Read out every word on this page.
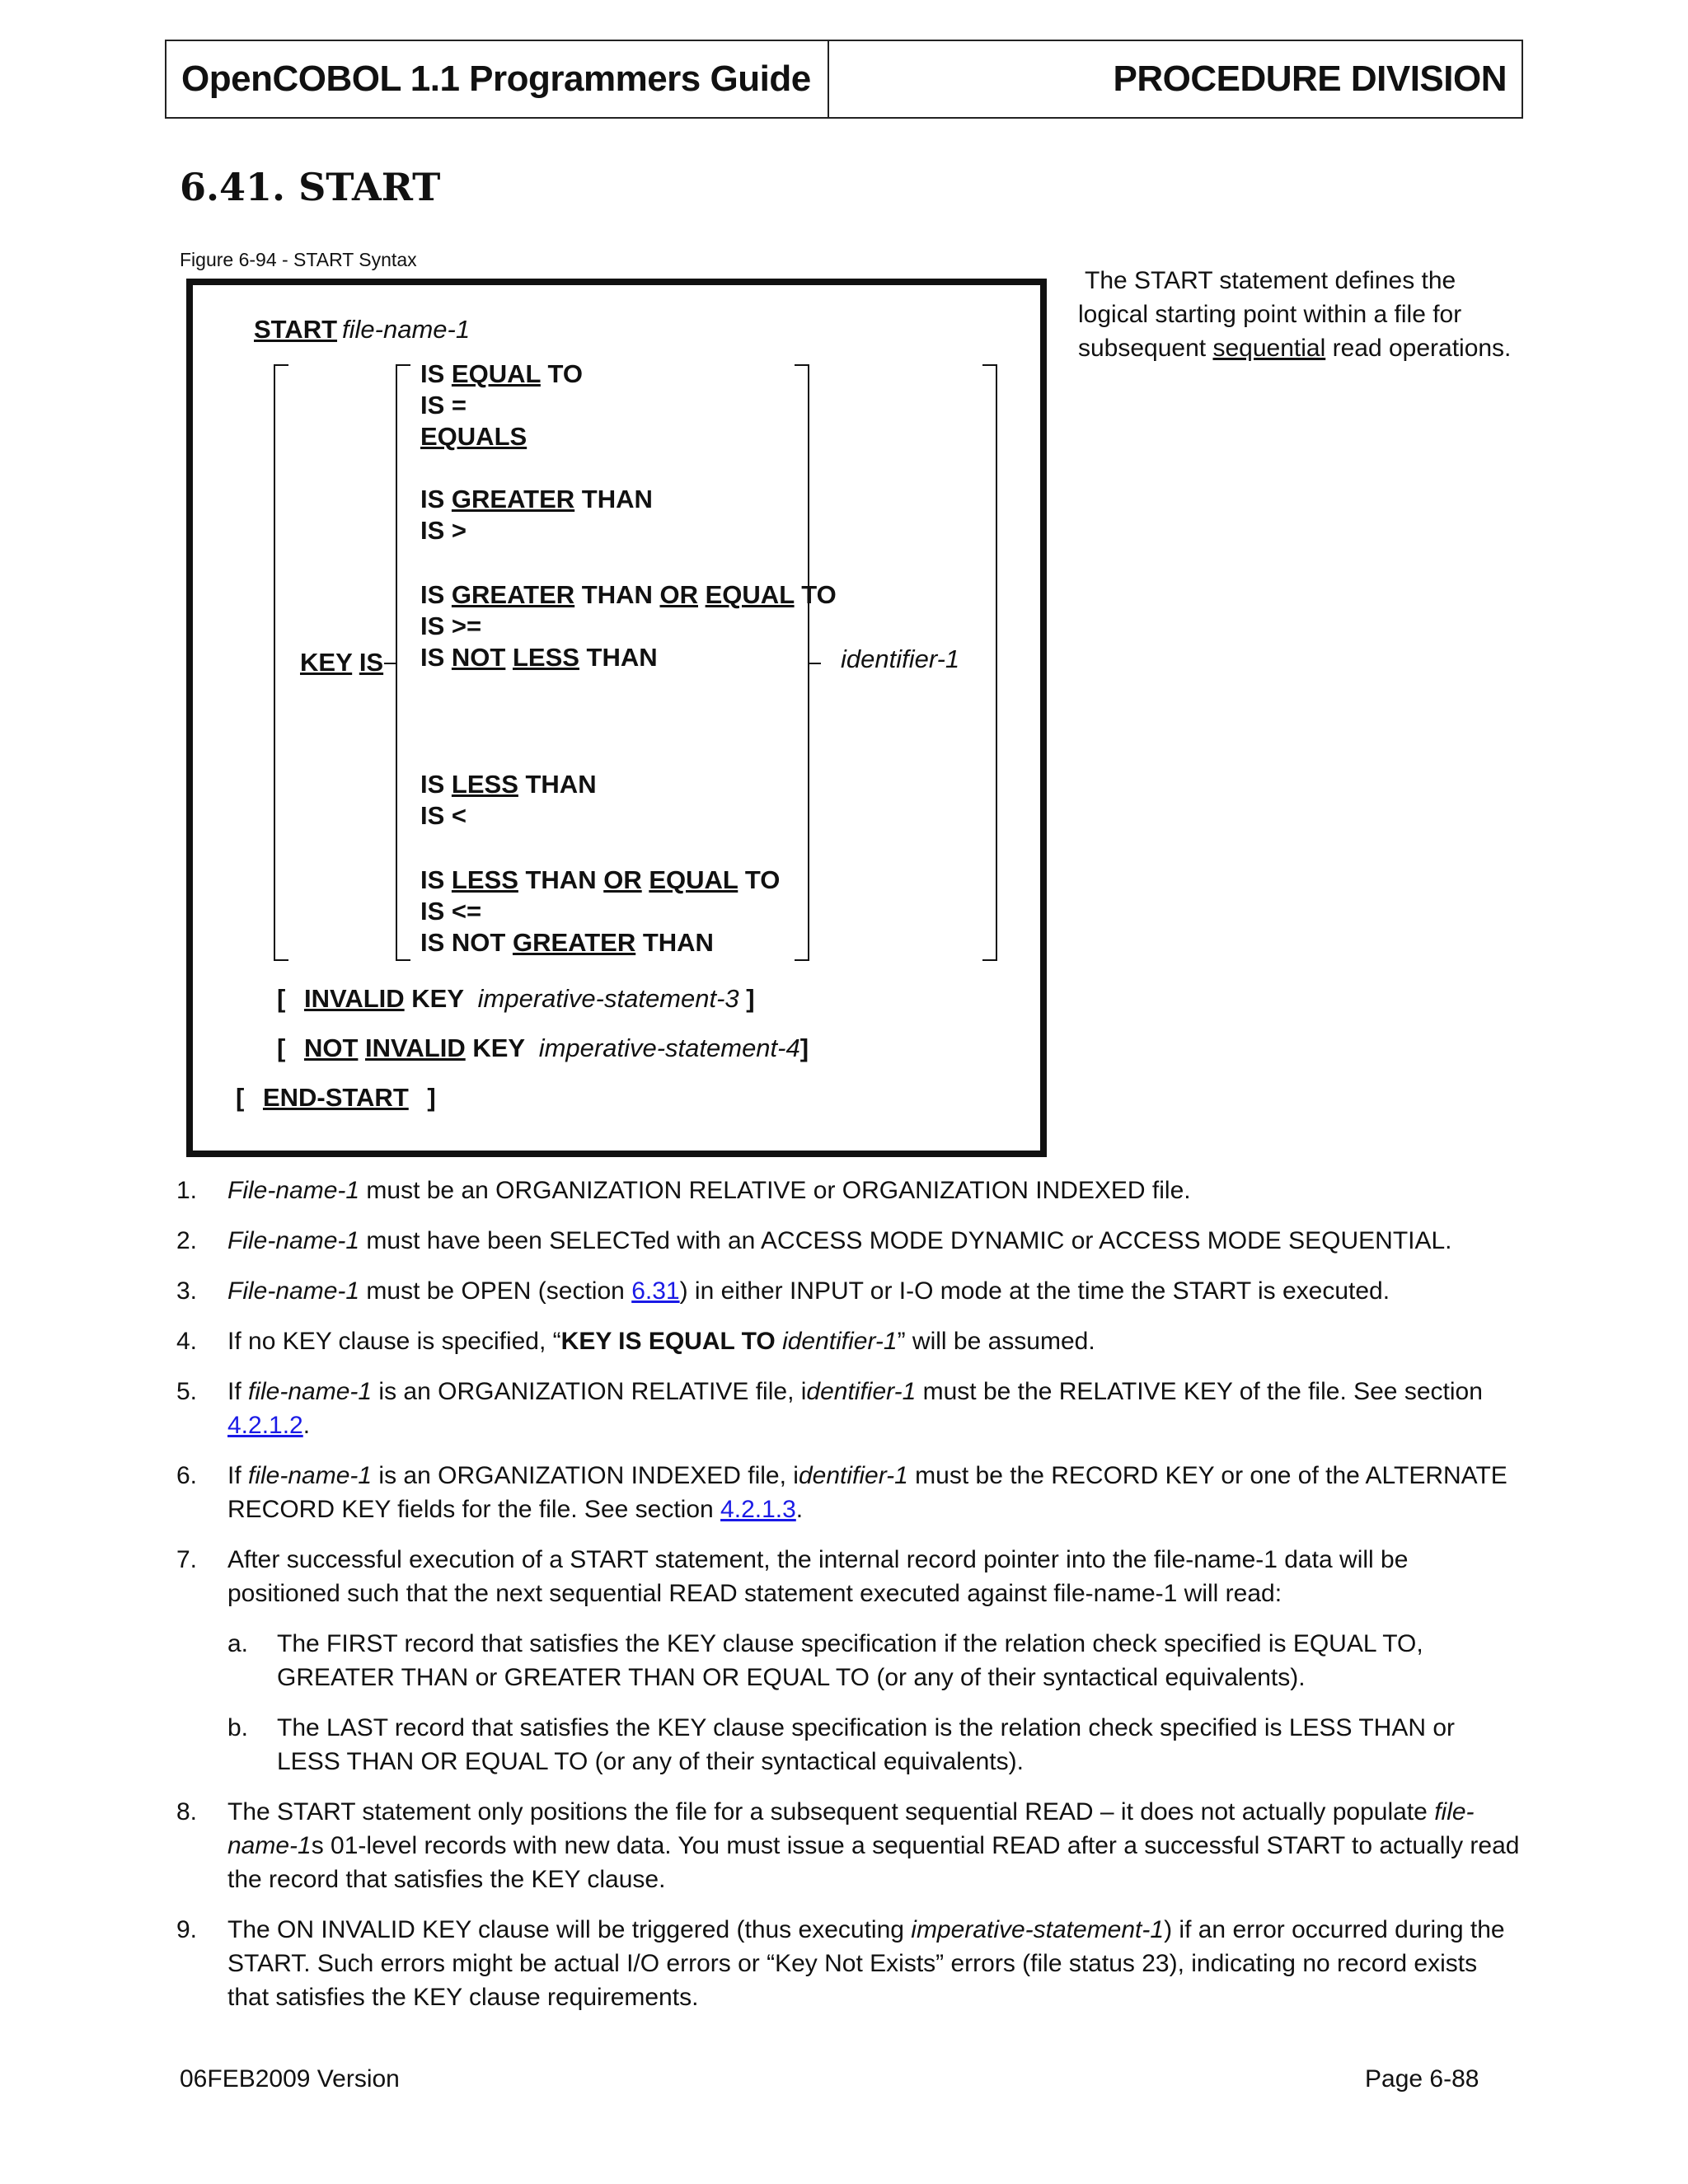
OpenCOBOL 1.1 Programmers Guide	PROCEDURE DIVISION
6.41. START
Figure 6-94 - START Syntax
START file-name-1
KEY IS
IS EQUAL TO
IS =
EQUALS
IS GREATER THAN
IS >
IS GREATER THAN OR EQUAL TO
IS >=
IS NOT LESS THAN
IS LESS THAN
IS <
IS LESS THAN OR EQUAL TO
IS <=
IS NOT GREATER THAN
identifier-1
[ INVALID KEY imperative-statement-3 ]
[ NOT INVALID KEY imperative-statement-4]
[ END-START ]
The START statement defines the logical starting point within a file for subsequent sequential read operations.
1.	File-name-1 must be an ORGANIZATION RELATIVE or ORGANIZATION INDEXED file.
2.	File-name-1 must have been SELECTed with an ACCESS MODE DYNAMIC or ACCESS MODE SEQUENTIAL.
3.	File-name-1 must be OPEN (section 6.31) in either INPUT or I-O mode at the time the START is executed.
4.	If no KEY clause is specified, “KEY IS EQUAL TO identifier-1” will be assumed.
5.	If file-name-1 is an ORGANIZATION RELATIVE file, identifier-1 must be the RELATIVE KEY of the file. See section 4.2.1.2.
6.	If file-name-1 is an ORGANIZATION INDEXED file, identifier-1 must be the RECORD KEY or one of the ALTERNATE RECORD KEY fields for the file. See section 4.2.1.3.
7.	After successful execution of a START statement, the internal record pointer into the file-name-1 data will be positioned such that the next sequential READ statement executed against file-name-1 will read:
a.	The FIRST record that satisfies the KEY clause specification if the relation check specified is EQUAL TO, GREATER THAN or GREATER THAN OR EQUAL TO (or any of their syntactical equivalents).
b.	The LAST record that satisfies the KEY clause specification is the relation check specified is LESS THAN or LESS THAN OR EQUAL TO (or any of their syntactical equivalents).
8.	The START statement only positions the file for a subsequent sequential READ – it does not actually populate file-name-1s 01-level records with new data. You must issue a sequential READ after a successful START to actually read the record that satisfies the KEY clause.
9.	The ON INVALID KEY clause will be triggered (thus executing imperative-statement-1) if an error occurred during the START. Such errors might be actual I/O errors or “Key Not Exists” errors (file status 23), indicating no record exists that satisfies the KEY clause requirements.
06FEB2009 Version	Page 6-88
